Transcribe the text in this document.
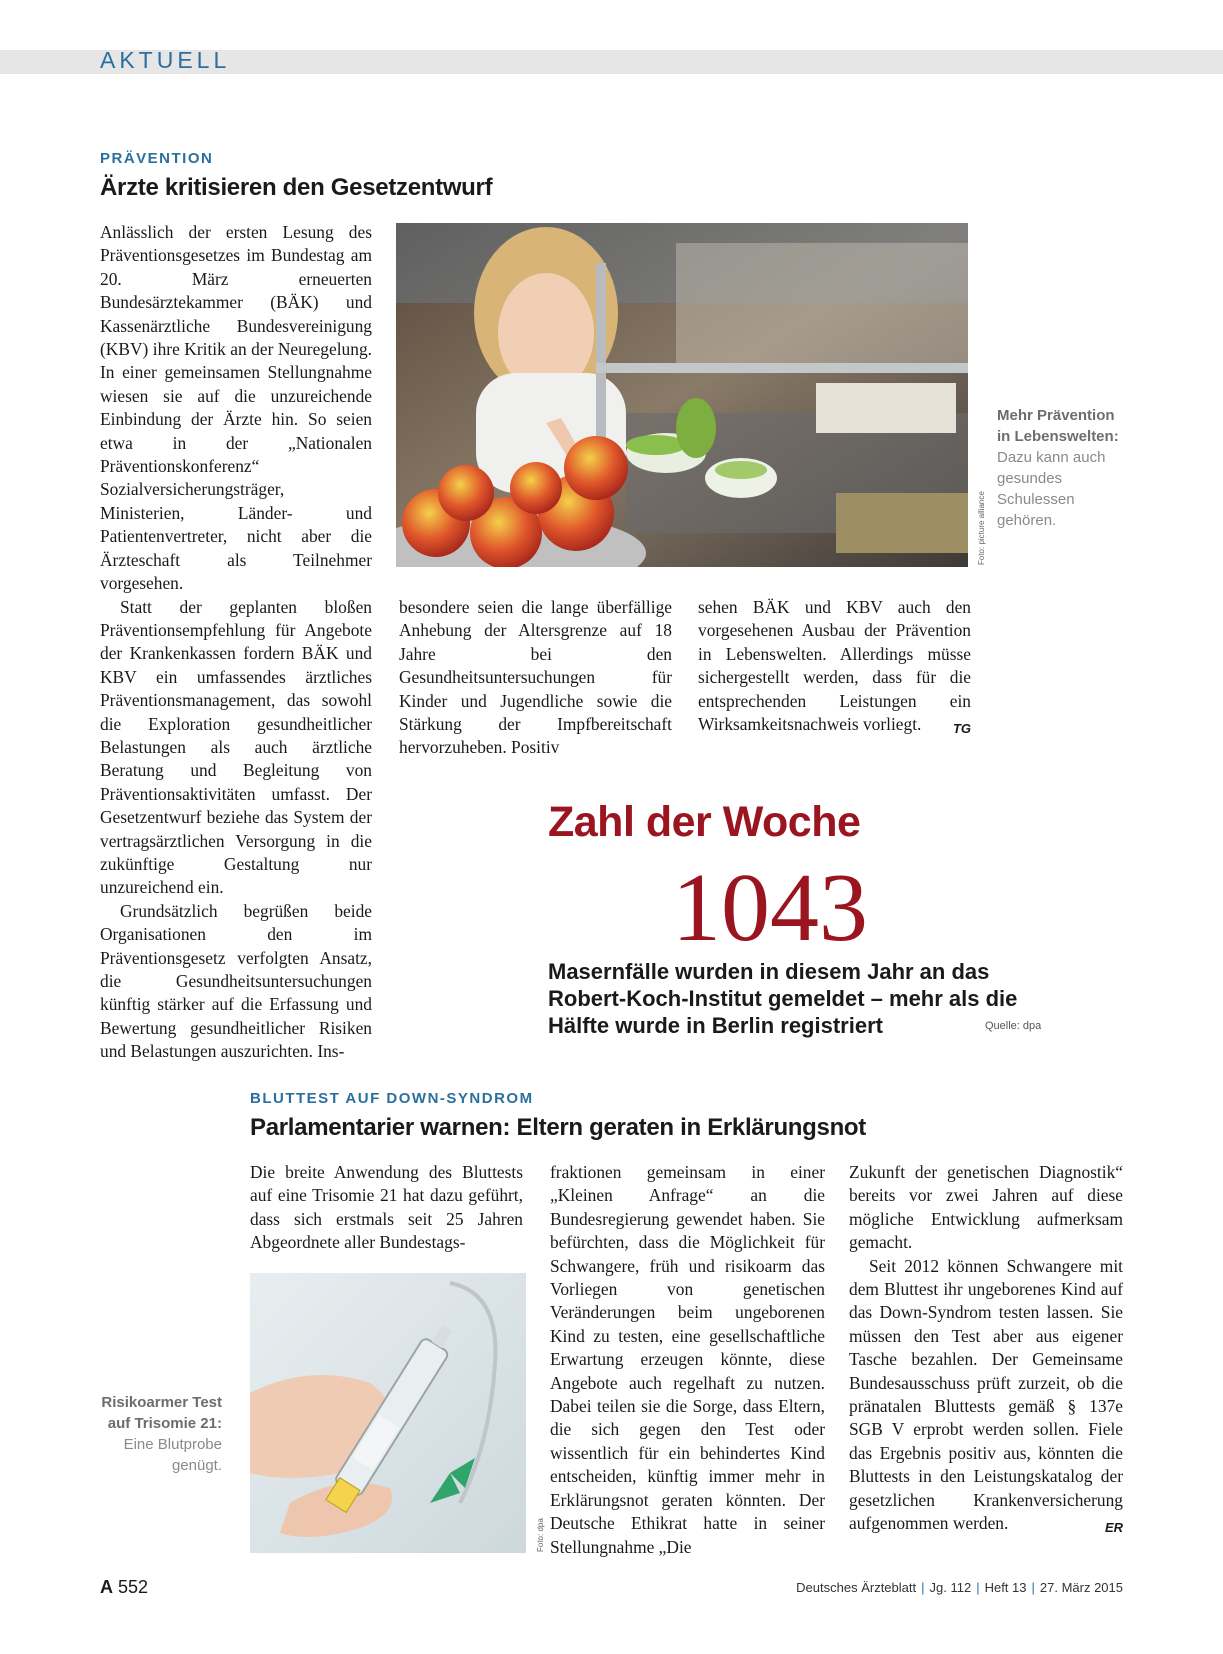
AKTUELL
PRÄVENTION
Ärzte kritisieren den Gesetzentwurf

Anlässlich der ersten Lesung des Präventionsgesetzes im Bundestag am 20. März erneuerten Bundesärztekammer (BÄK) und Kassenärztliche Bundesvereinigung (KBV) ihre Kritik an der Neuregelung. In einer gemeinsamen Stellungnahme wiesen sie auf die unzureichende Einbindung der Ärzte hin. So seien etwa in der „Nationalen Präventionskonferenz“ Sozialversicherungsträger, Ministerien, Länder- und Patientenvertreter, nicht aber die Ärzteschaft als Teilnehmer vorgesehen.

Statt der geplanten bloßen Präventionsempfehlung für Angebote der Krankenkassen fordern BÄK und KBV ein umfassendes ärztliches Präventionsmanagement, das sowohl die Exploration gesundheitlicher Belastungen als auch ärztliche Beratung und Begleitung von Präventionsaktivitäten umfasst. Der Gesetzentwurf beziehe das System der vertragsärztlichen Versorgung in die zukünftige Gestaltung nur unzureichend ein.

Grundsätzlich begrüßen beide Organisationen den im Präventionsgesetz verfolgten Ansatz, die Gesundheitsuntersuchungen künftig stärker auf die Erfassung und Bewertung gesundheitlicher Risiken und Belastungen auszurichten. Ins-

Foto: picture alliance
Mehr Prävention in Lebenswelten:
Dazu kann auch gesundes Schulessen gehören.

besondere seien die lange überfällige Anhebung der Altersgrenze auf 18 Jahre bei den Gesundheitsuntersuchungen für Kinder und Jugendliche sowie die Stärkung der Impfbereitschaft hervorzuheben. Positiv

sehen BÄK und KBV auch den vorgesehenen Ausbau der Prävention in Lebenswelten. Allerdings müsse sichergestellt werden, dass für die entsprechenden Leistungen ein Wirksamkeitsnachweis vorliegt. TG

Zahl der Woche
1043
Masernfälle wurden in diesem Jahr an das Robert-Koch-Institut gemeldet – mehr als die Hälfte wurde in Berlin registriert	Quelle: dpa
BLUTTEST AUF DOWN-SYNDROM
Parlamentarier warnen: Eltern geraten in Erklärungsnot

Die breite Anwendung des Bluttests auf eine Trisomie 21 hat dazu geführt, dass sich erstmals seit 25 Jahren Abgeordnete aller Bundestags-

Foto: dpa
Risikoarmer Test auf Trisomie 21:
Eine Blutprobe genügt.

fraktionen gemeinsam in einer „Kleinen Anfrage“ an die Bundesregierung gewendet haben. Sie befürchten, dass die Möglichkeit für Schwangere, früh und risikoarm das Vorliegen von genetischen Veränderungen beim ungeborenen Kind zu testen, eine gesellschaftliche Erwartung erzeugen könnte, diese Angebote auch regelhaft zu nutzen. Dabei teilen sie die Sorge, dass Eltern, die sich gegen den Test oder wissentlich für ein behindertes Kind entscheiden, künftig immer mehr in Erklärungsnot geraten könnten. Der Deutsche Ethikrat hatte in seiner Stellungnahme „Die

Zukunft der genetischen Diagnostik“ bereits vor zwei Jahren auf diese mögliche Entwicklung aufmerksam gemacht.

Seit 2012 können Schwangere mit dem Bluttest ihr ungeborenes Kind auf das Down-Syndrom testen lassen. Sie müssen den Test aber aus eigener Tasche bezahlen. Der Gemeinsame Bundesausschuss prüft zurzeit, ob die pränatalen Bluttests gemäß § 137e SGB V erprobt werden sollen. Fiele das Ergebnis positiv aus, könnten die Bluttests in den Leistungskatalog der gesetzlichen Krankenversicherung aufgenommen werden.	ER

A 552	Deutsches Ärzteblatt | Jg. 112 | Heft 13 | 27. März 2015
